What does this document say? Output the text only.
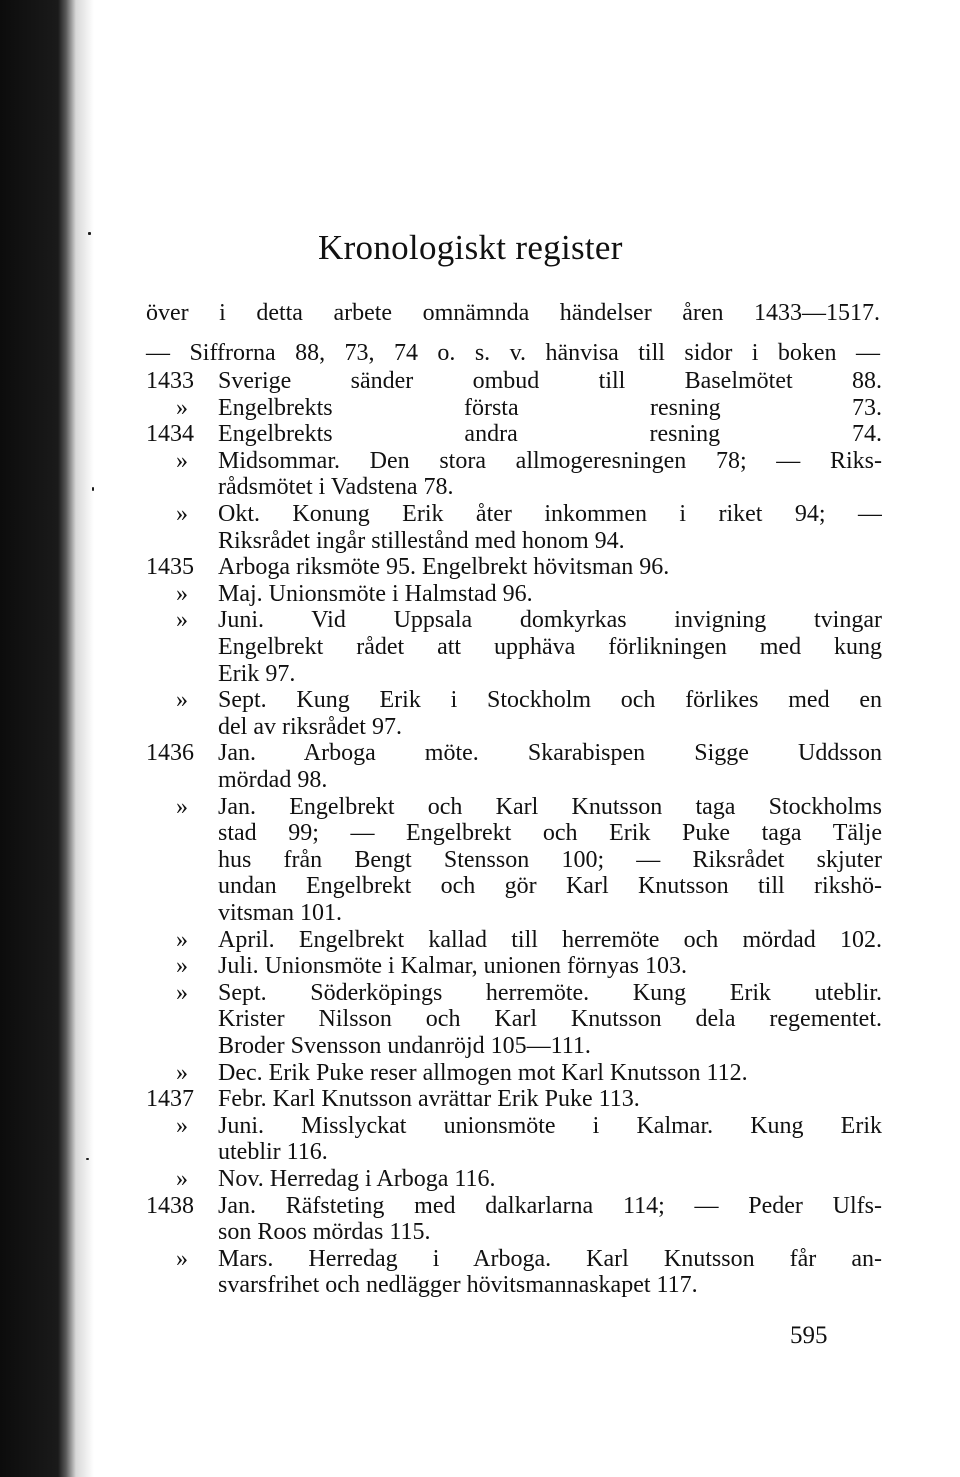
Kronologiskt register
över i detta arbete omnämnda händelser åren 1433—1517.
— Siffrorna 88, 73, 74 o. s. v. hänvisa till sidor i boken —
1433 Sverige sänder ombud till Baselmötet 88.
» Engelbrekts första resning 73.
1434 Engelbrekts andra resning 74.
» Midsommar. Den stora allmogeresningen 78; — Riks-
rådsmötet i Vadstena 78.
» Okt. Konung Erik åter inkommen i riket 94; —
Riksrådet ingår stillestånd med honom 94.
1435 Arboga riksmöte 95. Engelbrekt hövitsman 96.
» Maj. Unionsmöte i Halmstad 96.
» Juni. Vid Uppsala domkyrkas invigning tvingar
Engelbrekt rådet att upphäva förlikningen med kung
Erik 97.
» Sept. Kung Erik i Stockholm och förlikes med en
del av riksrådet 97.
1436 Jan. Arboga möte. Skarabispen Sigge Uddsson
mördad 98.
» Jan. Engelbrekt och Karl Knutsson taga Stockholms
stad 99; — Engelbrekt och Erik Puke taga Tälje
hus från Bengt Stensson 100; — Riksrådet skjuter
undan Engelbrekt och gör Karl Knutsson till rikshö-
vitsman 101.
» April. Engelbrekt kallad till herremöte och mördad 102.
» Juli. Unionsmöte i Kalmar, unionen förnyas 103.
» Sept. Söderköpings herremöte. Kung Erik uteblir.
Krister Nilsson och Karl Knutsson dela regementet.
Broder Svensson undanröjd 105—111.
» Dec. Erik Puke reser allmogen mot Karl Knutsson 112.
1437 Febr. Karl Knutsson avrättar Erik Puke 113.
» Juni. Misslyckat unionsmöte i Kalmar. Kung Erik
uteblir 116.
» Nov. Herredag i Arboga 116.
1438 Jan. Räfsteting med dalkarlarna 114; — Peder Ulfs-
son Roos mördas 115.
» Mars. Herredag i Arboga. Karl Knutsson får an-
svarsfrihet och nedlägger hövitsmannaskapet 117.
595
